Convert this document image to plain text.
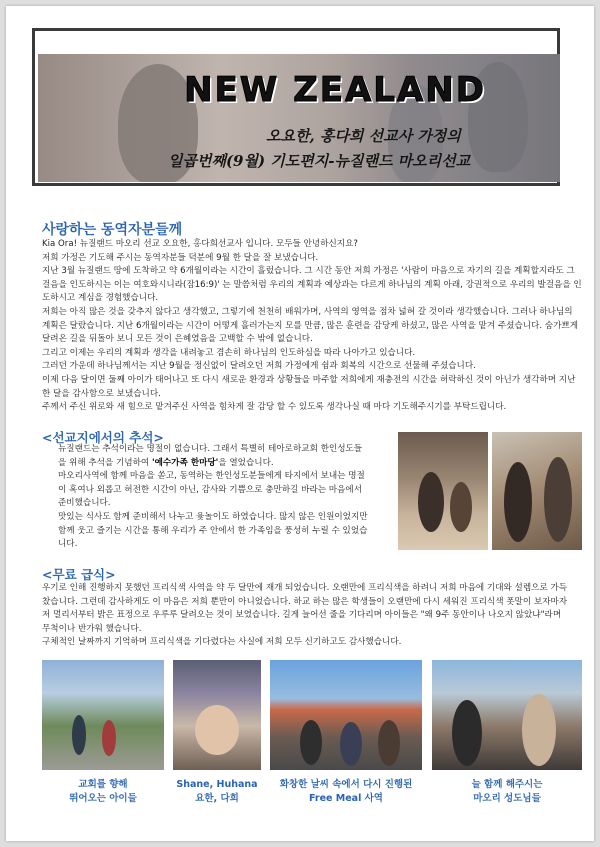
NEW ZEALAND
오요한, 홍다희 선교사 가정의
일곱번째(9월) 기도편지-뉴질랜드 마오리선교
사랑하는 동역자분들께
Kia Ora! 뉴질랜드 마오리 선교 오요한, 홍다희선교사 입니다. 모두들 안녕하신지요?
저희 가정은 기도해 주시는 동역자분들 덕분에 9월 한 달을 잘 보냈습니다.
지난 3월 뉴질랜드 땅에 도착하고 약 6개월이라는 시간이 흘렀습니다. 그 시간 동안 저희 가정은 '사람이 마음으로 자기의 길을 계획할지라도 그 걸음을 인도하시는 이는 여호와시니라(잠16:9)' 는 말씀처럼 우리의 계획과 예상과는 다르게 하나님의 계획 아래, 강권적으로 우리의 발걸음을 인도하시고 계심을 경험했습니다.
저희는 아직 많은 것을 갖추지 않다고 생각했고, 그렇기에 천천히 배워가며, 사역의 영역을 점차 넓혀 갈 것이라 생각했습니다. 그러나 하나님의 계획은 달랐습니다. 지난 6개월이라는 시간이 어떻게 흘러가는지 모를 만큼, 많은 훈련을 감당케 하셨고, 많은 사역을 맡겨 주셨습니다. 숨가쁘게 달려온 길을 뒤돌아 보니 모든 것이 은혜였음을 고백할 수 밖에 없습니다.
그리고 이제는 우리의 계획과 생각을 내려놓고 겸손히 하나님의 인도하심을 따라 나아가고 있습니다.
그러던 가운데 하나님께서는 지난 9월을 정신없이 달려오던 저희 가정에게 쉼과 회복의 시간으로 선물해 주셨습니다.
이제 다음 달이면 둘째 아이가 태어나고 또 다시 새로운 환경과 상황들을 마주할 저희에게 재충전의 시간을 허락하신 것이 아닌가 생각하며 지난 한 달을 감사함으로 보냈습니다.
주께서 주신 위로와 새 힘으로 맡겨주신 사역을 힘차게 잘 감당 할 수 있도록 생각나실 때 마다 기도해주시기를 부탁드립니다.
<선교지에서의 추석>
뉴질랜드는 추석이라는 명절이 없습니다. 그래서 특별히 테아로하교회 한인성도들을 위해 추석을 기념하여 '예수가족 한마당'을 열었습니다.
마오리사역에 함께 마음을 쏟고, 동역하는 한인성도분들에게 타지에서 보내는 명절이 혹여나 외롭고 허전한 시간이 아닌, 감사와 기쁨으로 충만하길 바라는 마음에서 준비했습니다.
맛있는 식사도 함께 준비해서 나누고 윷놀이도 하였습니다. 많지 않은 인원이었지만 함께 웃고 즐기는 시간을 통해 우리가 주 안에서 한 가족임을 풍성히 누릴 수 있었습니다.
<무료 급식>
우기로 인해 진행하지 못했던 프리식색 사역을 약 두 달만에 재개 되었습니다. 오랜만에 프리식색을 하려니 저희 마음에 기대와 설렘으로 가득찼습니다. 그런데 감사하게도 이 마음은 저희 뿐만이 아니었습니다. 하교 하는 많은 학생들이 오랜만에 다시 세워진 프리식색 폿말이 보자마자 저 멀리서부터 밝은 표정으로 우루루 달려오는 것이 보였습니다. 길게 늘어선 줄을 기다리며 아이들은 "왜 9주 동안이나 나오지 않았냐"라며 무척이나 반가워 했습니다.
구체적인 날짜까지 기억하며 프리식색을 기다렸다는 사실에 저희 모두 신기하고도 감사했습니다.
교회를 향해
뛰어오는 아이들
Shane, Huhana
요한, 다희
화창한 날씨 속에서 다시 진행된
Free Meal 사역
늘 함께 해주시는
마오리 성도님들
